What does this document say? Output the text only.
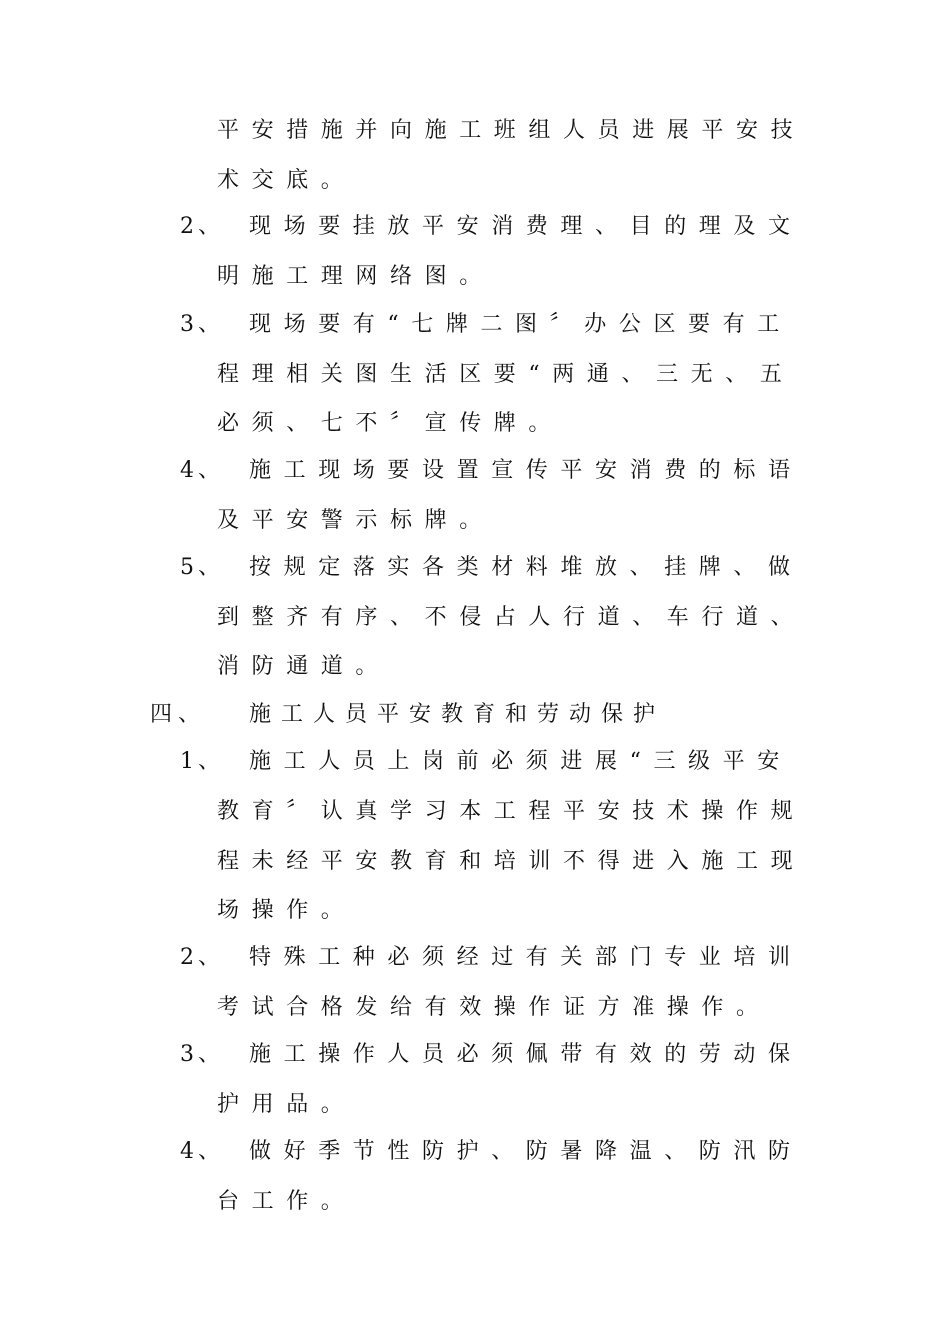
平安措施并向施工班组人员进展平安技
术交底。
2、 现场要挂放平安消费理、目的理及文
明施工理网络图。
3、 现场要有“七牌二图〞办公区要有工
程理相关图生活区要“两通、三无、五
必须、七不〞宣传牌。
4、 施工现场要设置宣传平安消费的标语
及平安警示标牌。
5、 按规定落实各类材料堆放、挂牌、做
到整齐有序、不侵占人行道、车行道、
消防通道。
四、 施工人员平安教育和劳动保护
1、 施工人员上岗前必须进展“三级平安
教育〞认真学习本工程平安技术操作规
程未经平安教育和培训不得进入施工现
场操作。
2、 特殊工种必须经过有关部门专业培训
考试合格发给有效操作证方准操作。
3、 施工操作人员必须佩带有效的劳动保
护用品。
4、 做好季节性防护、防暑降温、防汛防
台工作。
